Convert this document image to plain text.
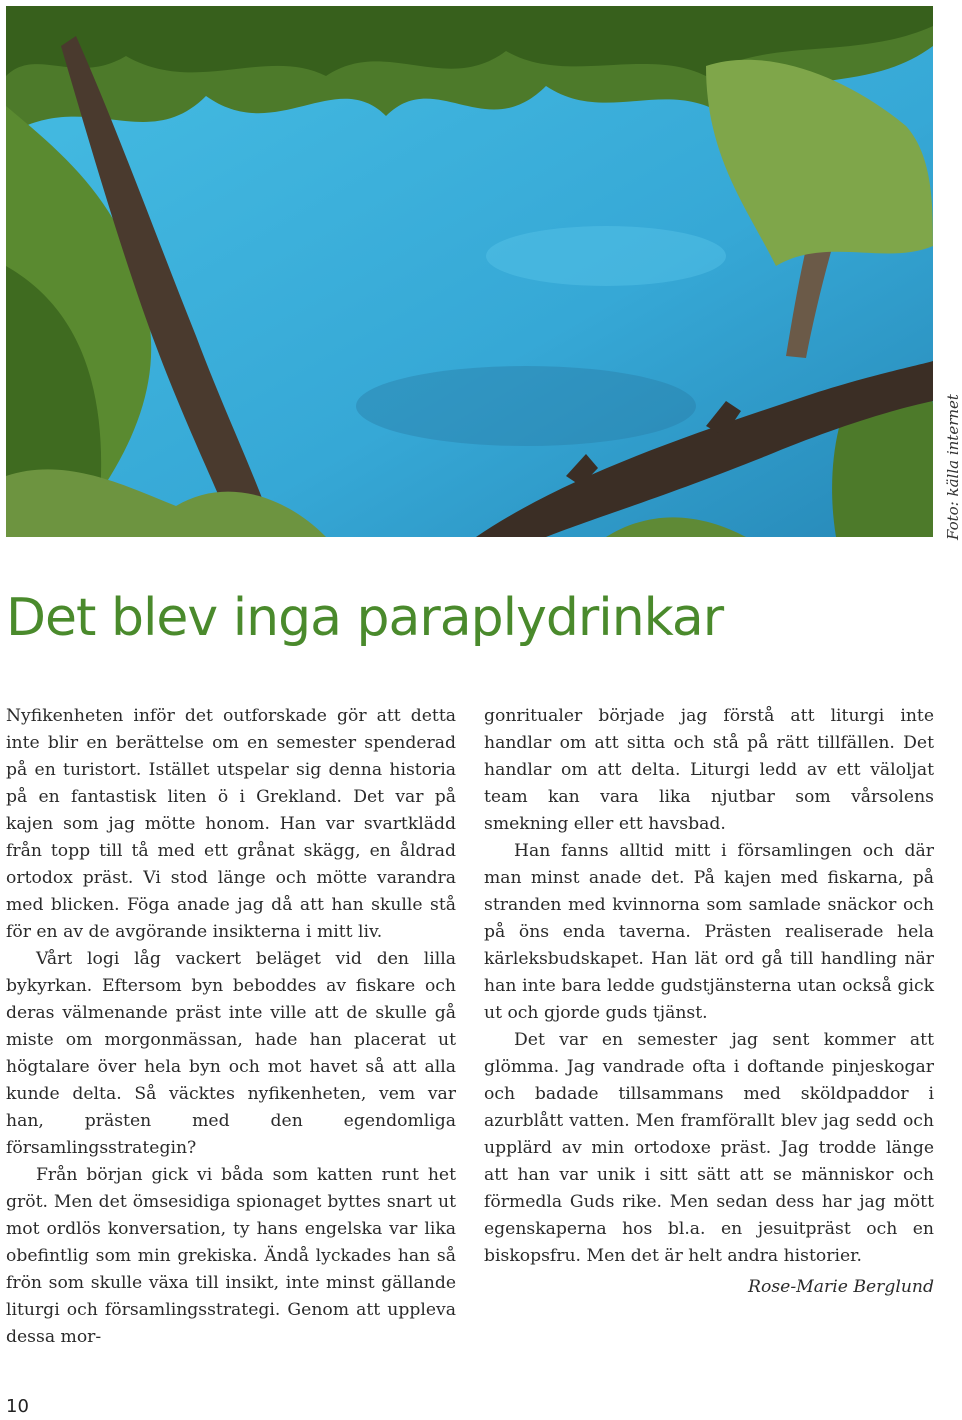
Foto: källa internet
Det blev inga paraplydrinkar

Nyfikenheten inför det outforskade gör att detta inte blir en berättelse om en semester spenderad på en turistort. Istället utspelar sig denna historia på en fantastisk liten ö i Grekland. Det var på kajen som jag mötte honom. Han var svartklädd från topp till tå med ett grånat skägg, en åldrad ortodox präst. Vi stod länge och mötte varandra med blicken. Föga anade jag då att han skulle stå för en av de avgörande insikterna i mitt liv.

Vårt logi låg vackert beläget vid den lilla bykyrkan. Eftersom byn beboddes av fiskare och deras välmenande präst inte ville att de skulle gå miste om morgonmässan, hade han placerat ut högtalare över hela byn och mot havet så att alla kunde delta. Så väcktes nyfikenheten, vem var han, prästen med den egendomliga församlingsstrategin?

Från början gick vi båda som katten runt het gröt. Men det ömsesidiga spionaget byttes snart ut mot ordlös konversation, ty hans engelska var lika obefintlig som min grekiska. Ändå lyckades han så frön som skulle växa till insikt, inte minst gällande liturgi och församlingsstrategi. Genom att uppleva dessa mor-

gonritualer började jag förstå att liturgi inte handlar om att sitta och stå på rätt tillfällen. Det handlar om att delta. Liturgi ledd av ett väloljat team kan vara lika njutbar som vårsolens smekning eller ett havsbad.

Han fanns alltid mitt i församlingen och där man minst anade det. På kajen med fiskarna, på stranden med kvinnorna som samlade snäckor och på öns enda taverna. Prästen realiserade hela kärleksbudskapet. Han lät ord gå till handling när han inte bara ledde gudstjänsterna utan också gick ut och gjorde guds tjänst.

Det var en semester jag sent kommer att glömma. Jag vandrade ofta i doftande pinjeskogar och badade tillsammans med sköldpaddor i azurblått vatten. Men framförallt blev jag sedd och upplärd av min ortodoxe präst. Jag trodde länge att han var unik i sitt sätt att se människor och förmedla Guds rike. Men sedan dess har jag mött egenskaperna hos bl.a. en jesuitpräst och en biskopsfru. Men det är helt andra historier.

Rose-Marie Berglund

10
